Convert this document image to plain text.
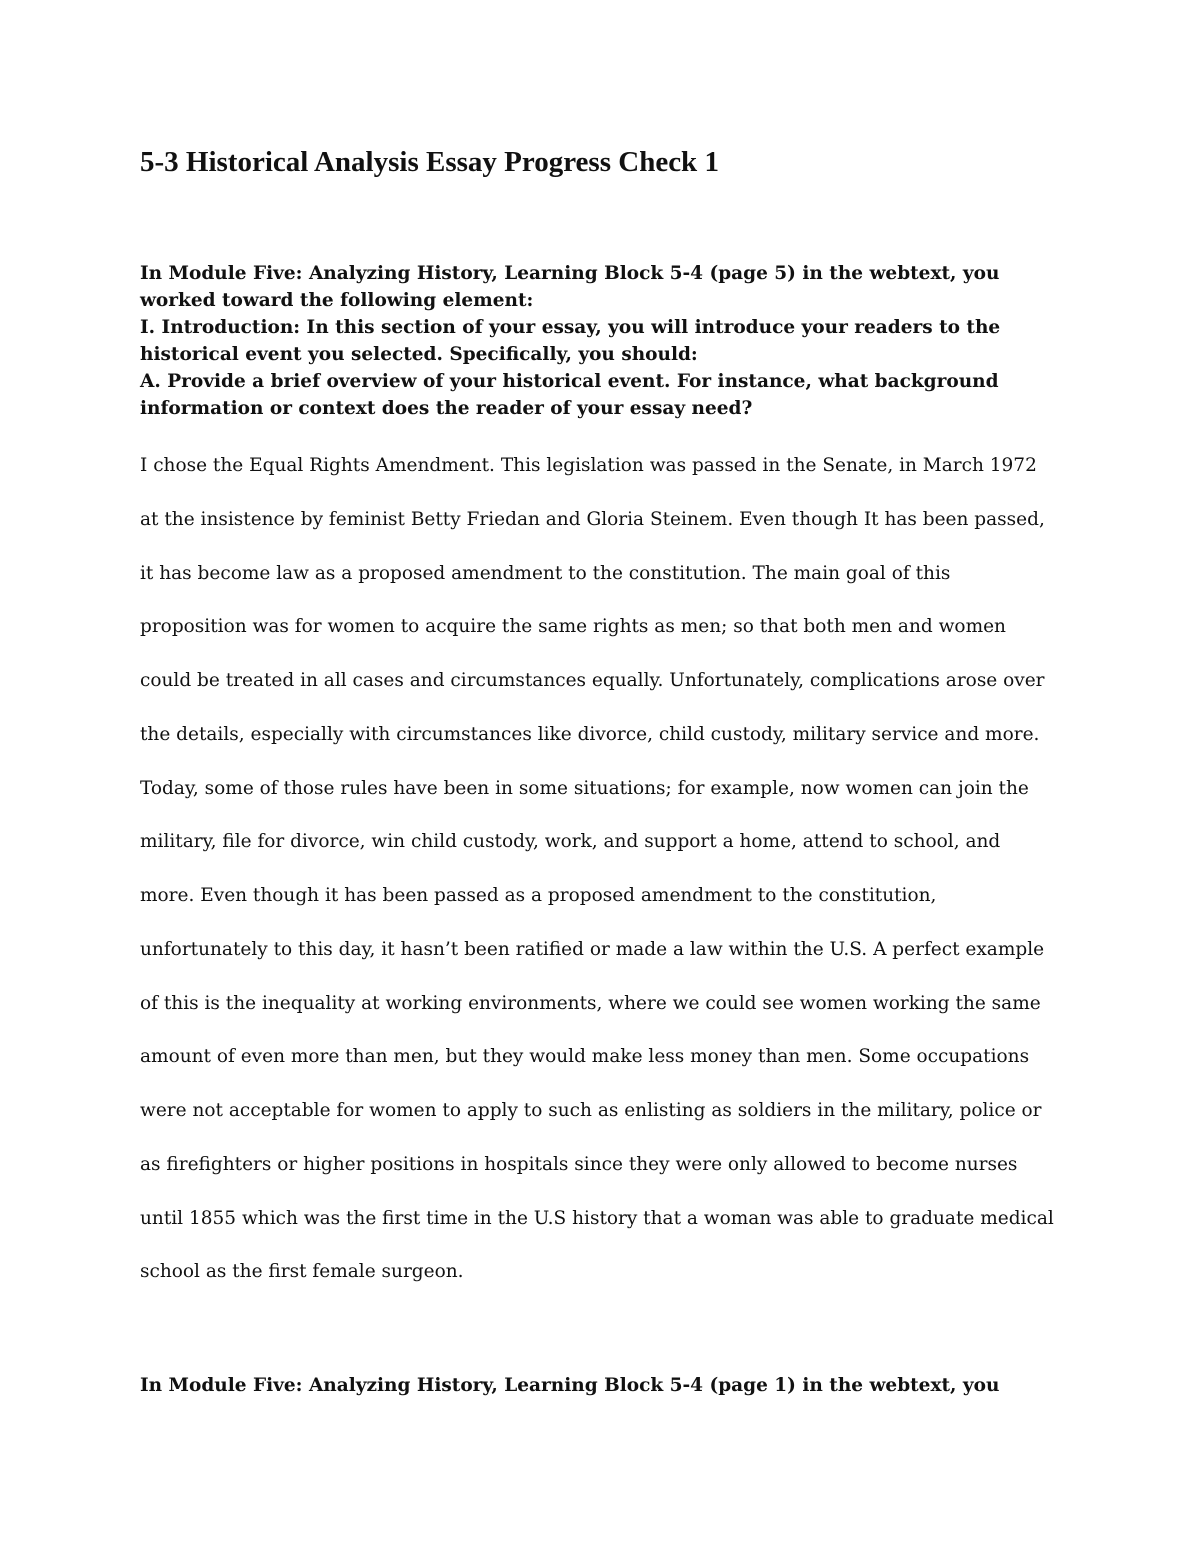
5-3 Historical Analysis Essay Progress Check 1
In Module Five: Analyzing History, Learning Block 5-4 (page 5) in the webtext, you
worked toward the following element:
I. Introduction: In this section of your essay, you will introduce your readers to the
historical event you selected. Specifically, you should:
A. Provide a brief overview of your historical event. For instance, what background
information or context does the reader of your essay need?
I chose the Equal Rights Amendment. This legislation was passed in the Senate, in March 1972
at the insistence by feminist Betty Friedan and Gloria Steinem. Even though It has been passed,
it has become law as a proposed amendment to the constitution. The main goal of this
proposition was for women to acquire the same rights as men; so that both men and women
could be treated in all cases and circumstances equally. Unfortunately, complications arose over
the details, especially with circumstances like divorce, child custody, military service and more.
Today, some of those rules have been in some situations; for example, now women can join the
military, file for divorce, win child custody, work, and support a home, attend to school, and
more. Even though it has been passed as a proposed amendment to the constitution,
unfortunately to this day, it hasn’t been ratified or made a law within the U.S. A perfect example
of this is the inequality at working environments, where we could see women working the same
amount of even more than men, but they would make less money than men. Some occupations
were not acceptable for women to apply to such as enlisting as soldiers in the military, police or
as firefighters or higher positions in hospitals since they were only allowed to become nurses
until 1855 which was the first time in the U.S history that a woman was able to graduate medical
school as the first female surgeon.
In Module Five: Analyzing History, Learning Block 5-4 (page 1) in the webtext, you
